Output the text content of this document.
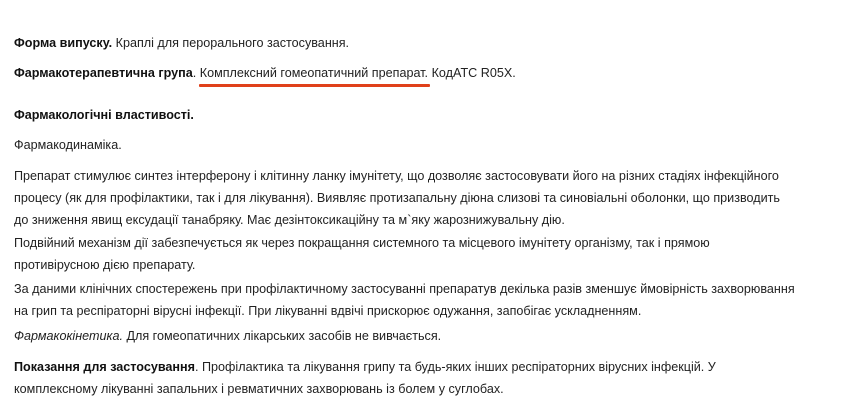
Форма випуску. Краплі для перорального застосування.

Фармакотерапевтична група. Комплексний гомеопатичний препарат. КодATC R05X.

Фармакологічні властивості.

Фармакодинаміка.

Препарат стимулює синтез інтерферону і клітинну ланку імунітету, що дозволяє застосовувати його на різних стадіях інфекційного
процесу (як для профілактики, так і для лікування). Виявляє протизапальну діюна слизові та синовіальні оболонки, що призводить
до зниження явищ ексудації танабряку. Має дезінтоксикаційну та м`яку жарознижувальну дію.
Подвійний механізм дії забезпечується як через покращання системного та місцевого імунітету організму, так і прямою
противірусною дією препарату.
За даними клінічних спостережень при профілактичному застосуванні препаратув декілька разів зменшує ймовірність захворювання
на грип та респіраторні вірусні інфекції. При лікуванні вдвічі прискорює одужання, запобігає ускладненням.

Фармакокінетика. Для гомеопатичних лікарських засобів не вивчається.

Показання для застосування. Профілактика та лікування грипу та будь-яких інших респіраторних вірусних інфекцій. У
комплексному лікуванні запальних і ревматичних захворювань із болем у суглобах.
